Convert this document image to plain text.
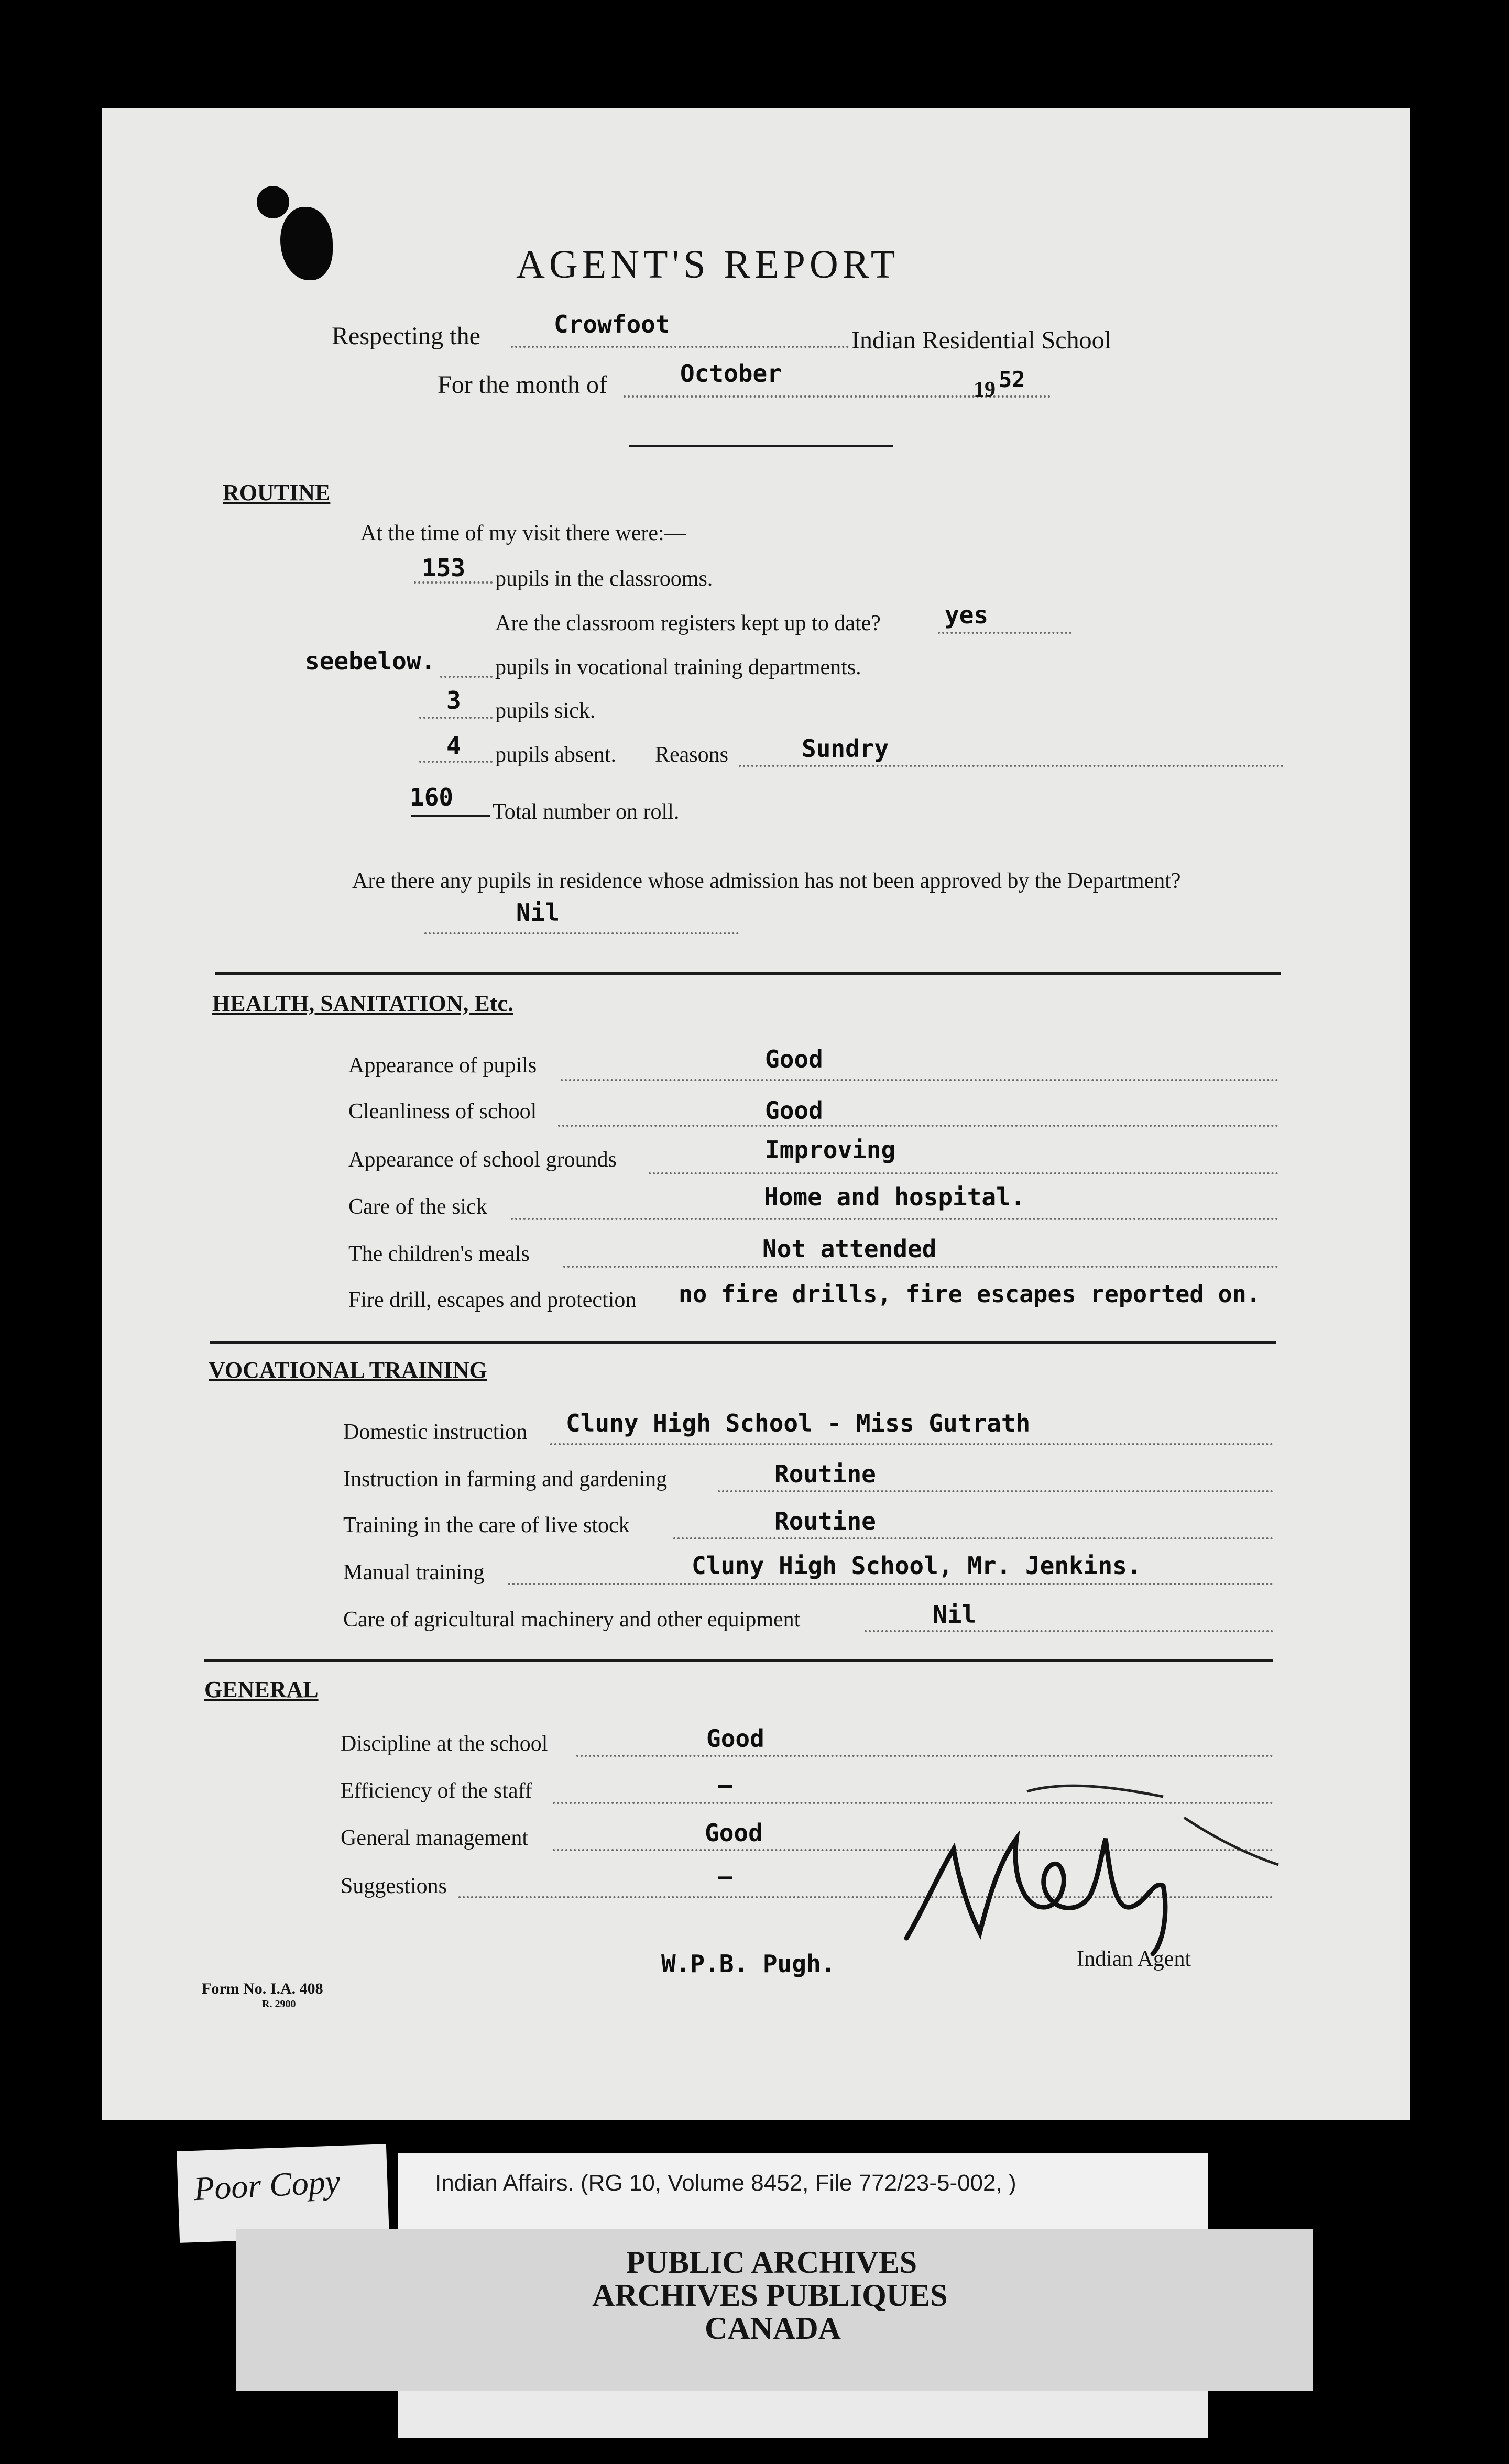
AGENT'S REPORT
Respecting the	Crowfoot
Indian Residential School
For the month of	October
19 52
ROUTINE
At the time of my visit there were:—
153 pupils in the classrooms.
Are the classroom registers kept up to date?	yes
seebelow.	pupils in vocational training departments.
3 pupils sick.
4 pupils absent. Reasons	Sundry
160
Total number on roll.
Are there any pupils in residence whose admission has not been approved by the Department?
Nil
HEALTH, SANITATION, Etc.
Appearance of pupils	Good
Cleanliness of school	Good
Appearance of school grounds	Improving
Care of the sick	Home and hospital.
The children's meals	Not attended
Fire drill, escapes and protection no fire drills, fire escapes reported on.
VOCATIONAL TRAINING
Domestic instruction Cluny High School - Miss Gutrath
Instruction in farming and gardening	Routine
Training in the care of live stock	Routine
Manual training	Cluny High School, Mr. Jenkins.
Care of agricultural machinery and other equipment	Nil
GENERAL
Discipline at the school	Good
Efficiency of the staff	—
General management	Good
Suggestions	—
W.P.B. Pugh.	Indian Agent
Form No. I.A. 408
R. 2900
Poor Copy	Indian Affairs. (RG 10, Volume 8452, File 772/23-5-002, )
PUBLIC ARCHIVES
ARCHIVES PUBLIQUES
CANADA
